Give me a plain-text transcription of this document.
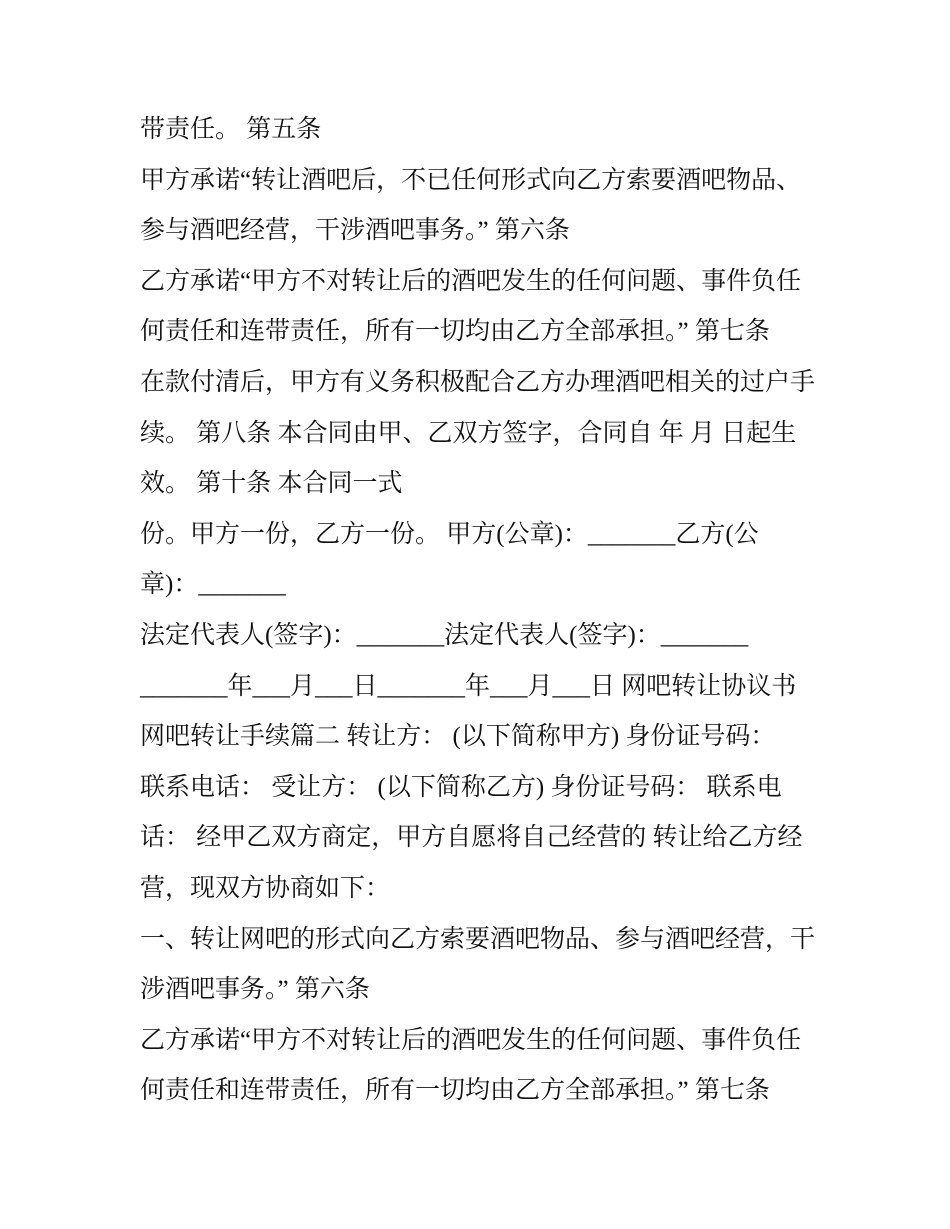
带责任。 第五条

甲方承诺“转让酒吧后，不已任何形式向乙方索要酒吧物品、

参与酒吧经营，干涉酒吧事务。” 第六条

乙方承诺“甲方不对转让后的酒吧发生的任何问题、事件负任

何责任和连带责任，所有一切均由乙方全部承担。” 第七条

在款付清后，甲方有义务积极配合乙方办理酒吧相关的过户手

续。 第八条 本合同由甲、乙双方签字，合同自 年 月 日起生

效。 第十条 本合同一式

份。甲方一份，乙方一份。 甲方(公章)：_______乙方(公

章)：_______

法定代表人(签字)：_______法定代表人(签字)：_______

_______年___月___日_______年___月___日 网吧转让协议书

网吧转让手续篇二 转让方： (以下简称甲方) 身份证号码：

联系电话： 受让方： (以下简称乙方) 身份证号码： 联系电

话： 经甲乙双方商定，甲方自愿将自己经营的 转让给乙方经

营，现双方协商如下：

一、转让网吧的形式向乙方索要酒吧物品、参与酒吧经营，干

涉酒吧事务。” 第六条

乙方承诺“甲方不对转让后的酒吧发生的任何问题、事件负任

何责任和连带责任，所有一切均由乙方全部承担。” 第七条
